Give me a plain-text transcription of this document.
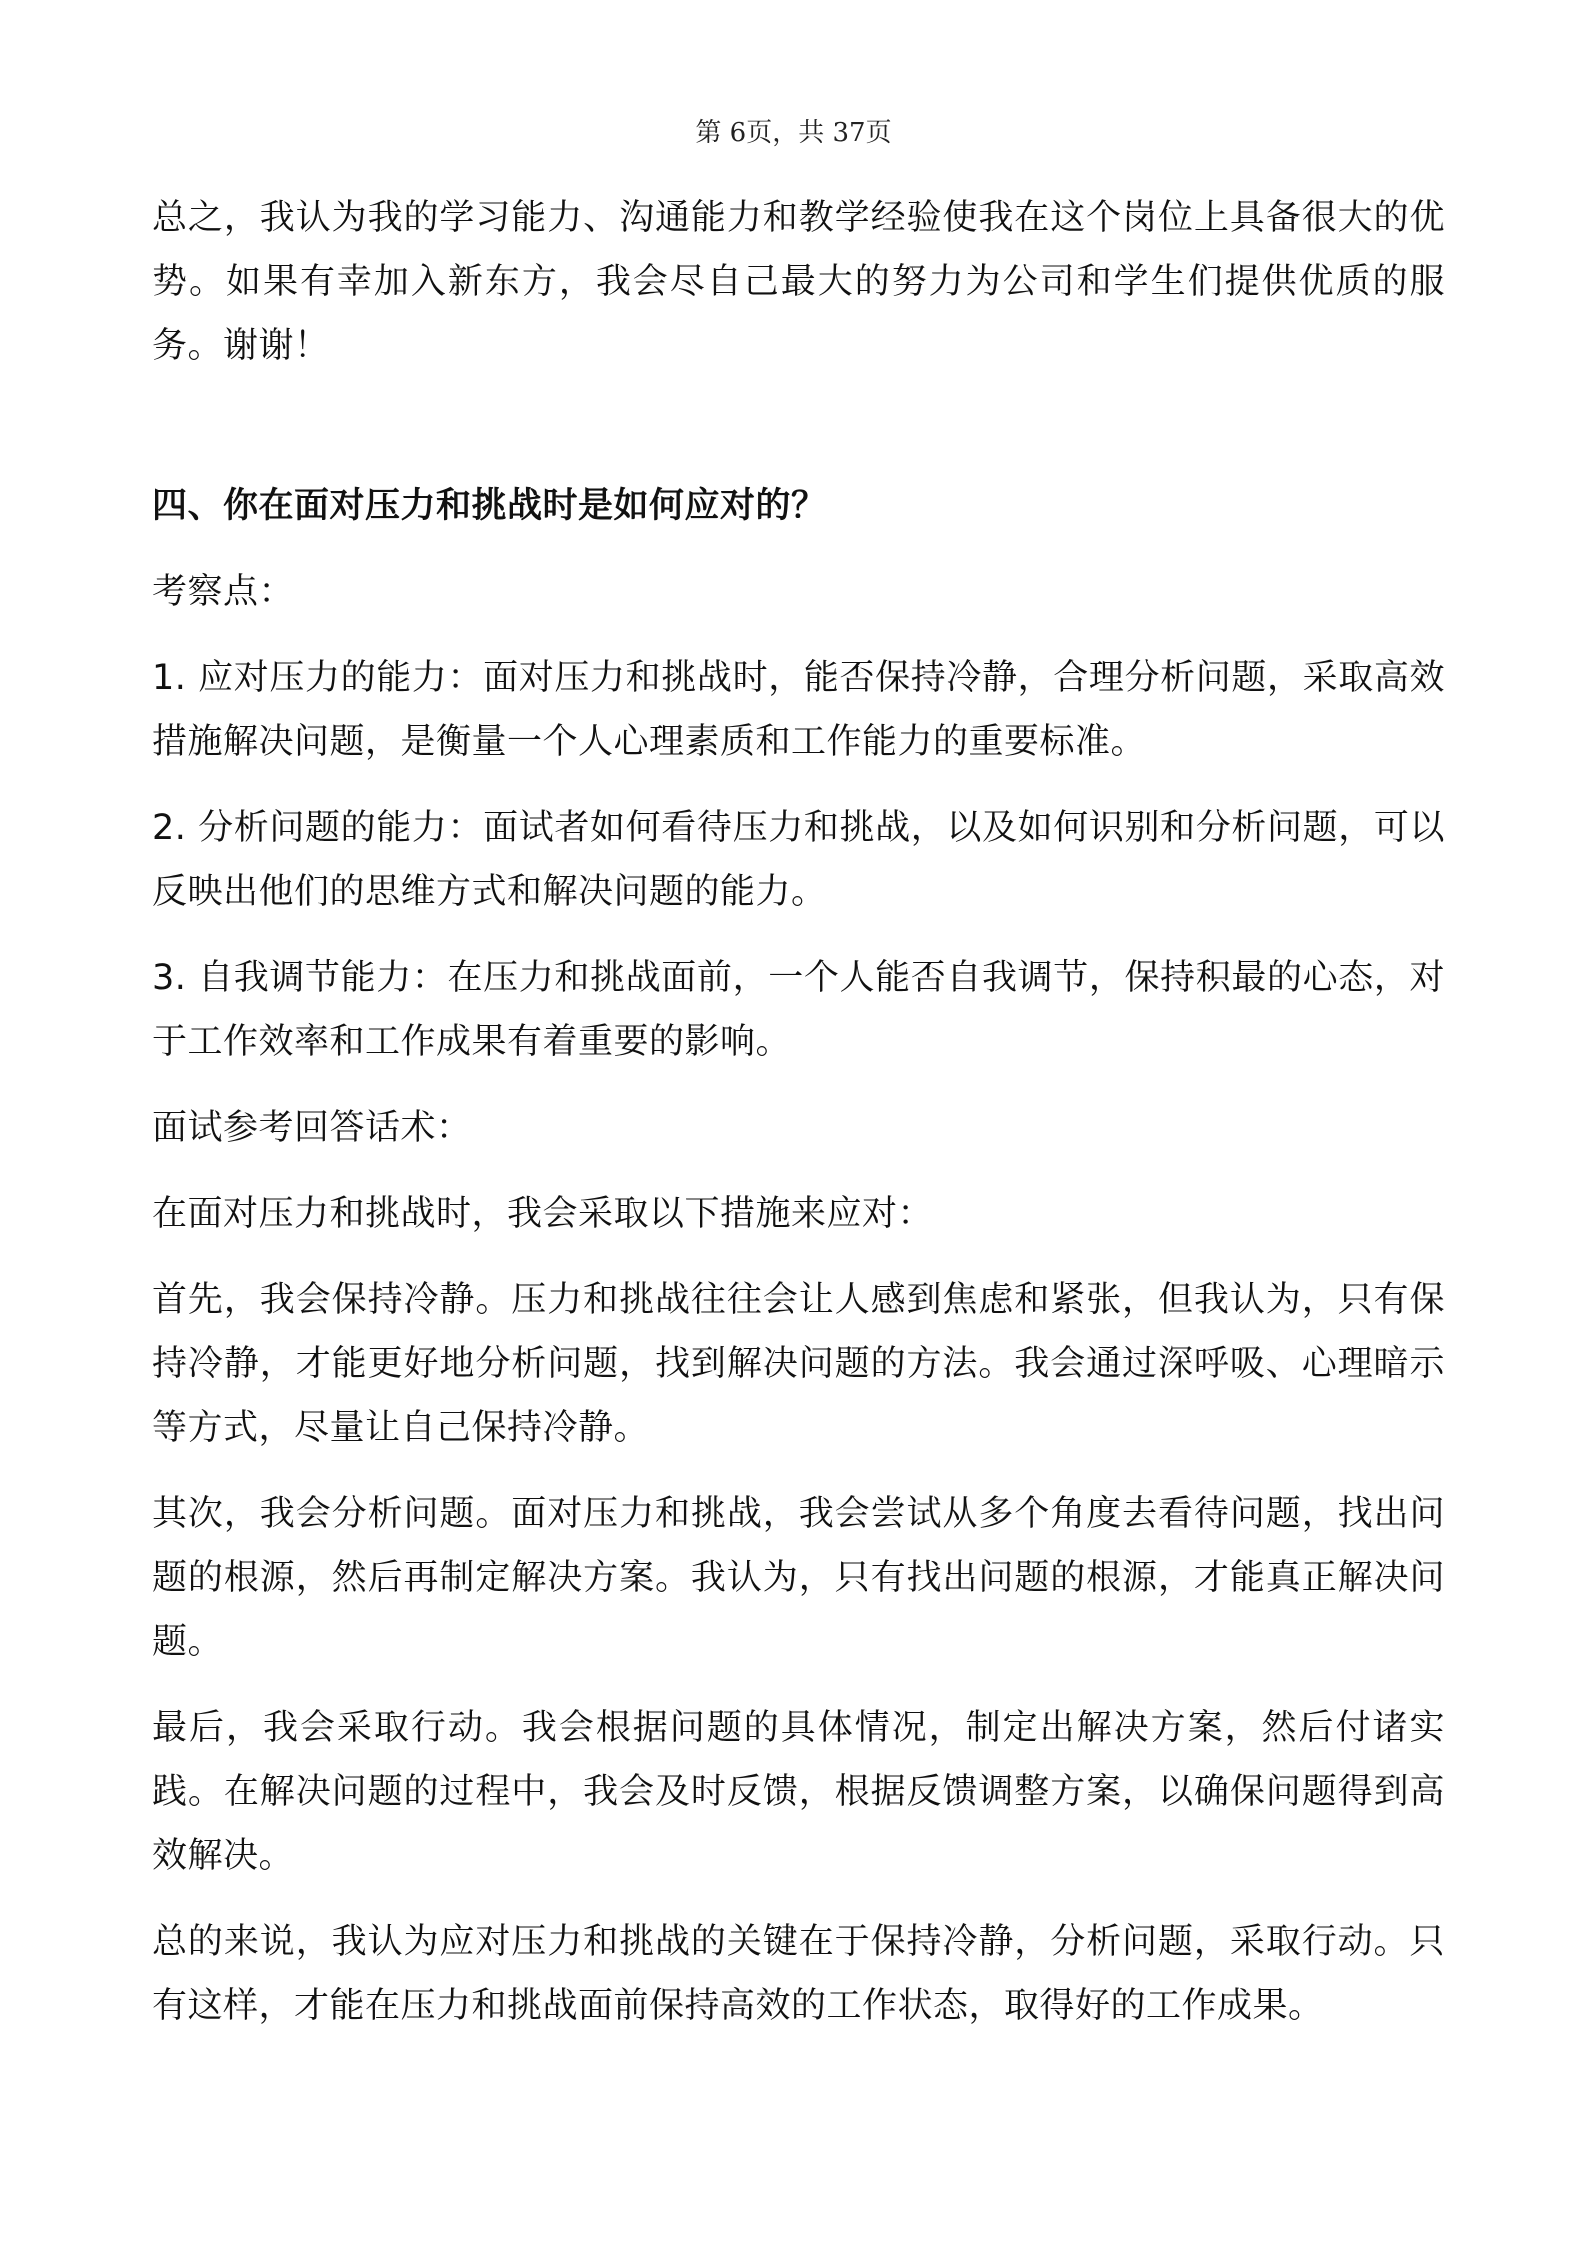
第 6页，共 37页

总之，我认为我的学习能力、沟通能力和教学经验使我在这个岗位上具备很大的优势。如果有幸加入新东方，我会尽自己最大的努力为公司和学生们提供优质的服务。谢谢！

四、你在面对压力和挑战时是如何应对的？

考察点：

1. 应对压力的能力：面对压力和挑战时，能否保持冷静，合理分析问题，采取高效措施解决问题，是衡量一个人心理素质和工作能力的重要标准。

2. 分析问题的能力：面试者如何看待压力和挑战，以及如何识别和分析问题，可以反映出他们的思维方式和解决问题的能力。

3. 自我调节能力：在压力和挑战面前，一个人能否自我调节，保持积最的心态，对于工作效率和工作成果有着重要的影响。

面试参考回答话术：

在面对压力和挑战时，我会采取以下措施来应对：

首先，我会保持冷静。压力和挑战往往会让人感到焦虑和紧张，但我认为，只有保持冷静，才能更好地分析问题，找到解决问题的方法。我会通过深呼吸、心理暗示等方式，尽量让自己保持冷静。

其次，我会分析问题。面对压力和挑战，我会尝试从多个角度去看待问题，找出问题的根源，然后再制定解决方案。我认为，只有找出问题的根源，才能真正解决问题。

最后，我会采取行动。我会根据问题的具体情况，制定出解决方案，然后付诸实践。在解决问题的过程中，我会及时反馈，根据反馈调整方案，以确保问题得到高效解决。

总的来说，我认为应对压力和挑战的关键在于保持冷静，分析问题，采取行动。只有这样，才能在压力和挑战面前保持高效的工作状态，取得好的工作成果。
